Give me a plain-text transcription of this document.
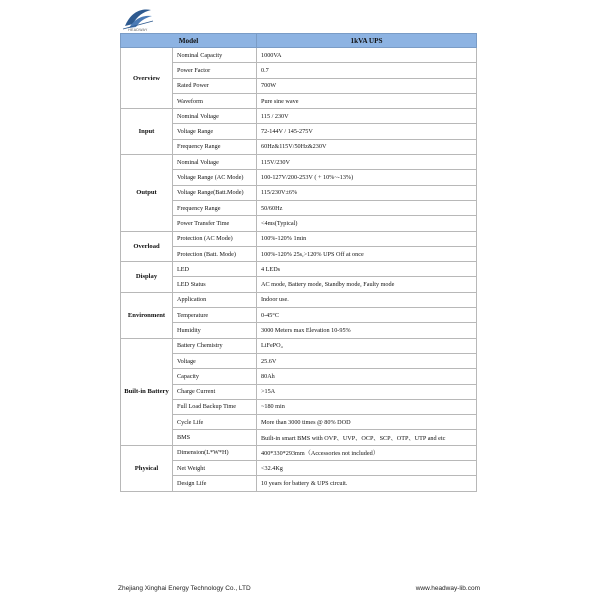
HEADWAY
Model		1kVA UPS
Overview	Nominal Capacity	1000VA
	Power Factor	0.7
	Rated Power	700W
	Waveform	Pure sine wave
Input	Nominal Voltage	115 / 230V
	Voltage Range	72-144V / 145-275V
	Frequency Range	60Hz&115V/50Hz&230V
Output	Nominal Voltage	115V/230V
	Voltage Range (AC Mode)	100-127V/200-253V ( + 10%~-13%)
	Voltage Range(Batt.Mode)	115/230V±6%
	Frequency Range	50/60Hz
	Power Transfer Time	<4ms(Typical)
Overload	Protection (AC Mode)	100%-120% 1min
	Protection (Batt. Mode)	100%-120% 25s,>120% UPS Off at once
Display	LED	4 LEDs
	LED Status	AC mode, Battery mode, Standby mode, Faulty mode
Environment	Application	Indoor use.
	Temperature	0-45°C
	Humidity	3000 Meters max Elevation 10-95%
Built-in Battery	Battery Chemistry	LiFePO₄
	Voltage	25.6V
	Capacity	80Ah
	Charge Current	>15A
	Full Load Backup Time	~180 min
	Cycle Life	More than 3000 times @ 80% DOD
	BMS	Built-in smart BMS with OVP、UVP、OCP、SCP、OTP、UTP and etc
Physical	Dimension(L*W*H)	400*330*293mm（Accessories not included）
	Net Weight	<32.4Kg
	Design Life	10 years for battery & UPS circuit.
Zhejiang Xinghai Energy Technology Co., LTD	www.headway-lib.com
